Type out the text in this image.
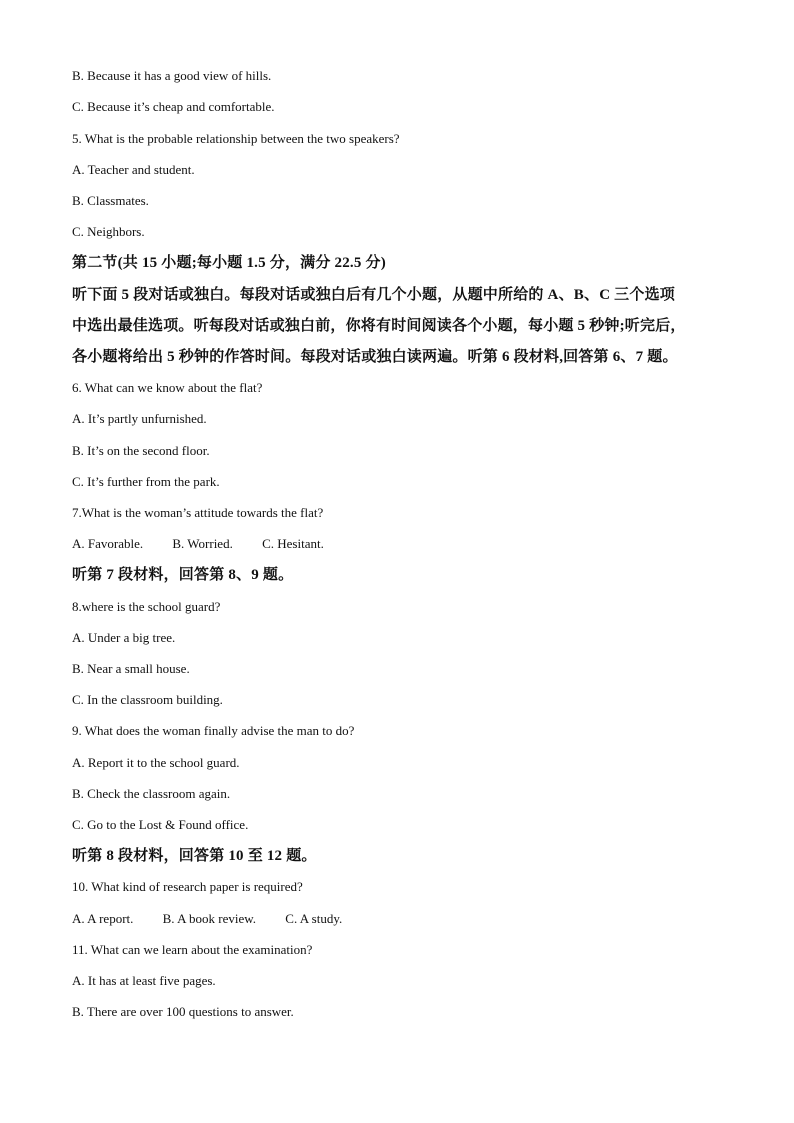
B. Because it has a good view of hills.
C. Because it’s cheap and comfortable.
5. What is the probable relationship between the two speakers?
A. Teacher and student.
B. Classmates.
C. Neighbors.
第二节(共 15 小题;每小题 1.5 分，满分 22.5 分)
听下面 5 段对话或独白。每段对话或独白后有几个小题，从题中所给的 A、B、C 三个选项
中选出最佳选项。听每段对话或独白前，你将有时间阅读各个小题，每小题 5 秒钟;听完后，
各小题将给出 5 秒钟的作答时间。每段对话或独白读两遍。听第 6 段材料,回答第 6、7 题。
6. What can we know about the flat?
A. It’s partly unfurnished.
B. It’s on the second floor.
C. It’s further from the park.
7.What is the woman’s attitude towards the flat?
A. Favorable. B. Worried. C. Hesitant.
听第 7 段材料，回答第 8、9 题。
8.where is the school guard?
A. Under a big tree.
B. Near a small house.
C. In the classroom building.
9. What does the woman finally advise the man to do?
A. Report it to the school guard.
B. Check the classroom again.
C. Go to the Lost & Found office.
听第 8 段材料，回答第 10 至 12 题。
10. What kind of research paper is required?
A. A report. B. A book review. C. A study.
11. What can we learn about the examination?
A. It has at least five pages.
B. There are over 100 questions to answer.
